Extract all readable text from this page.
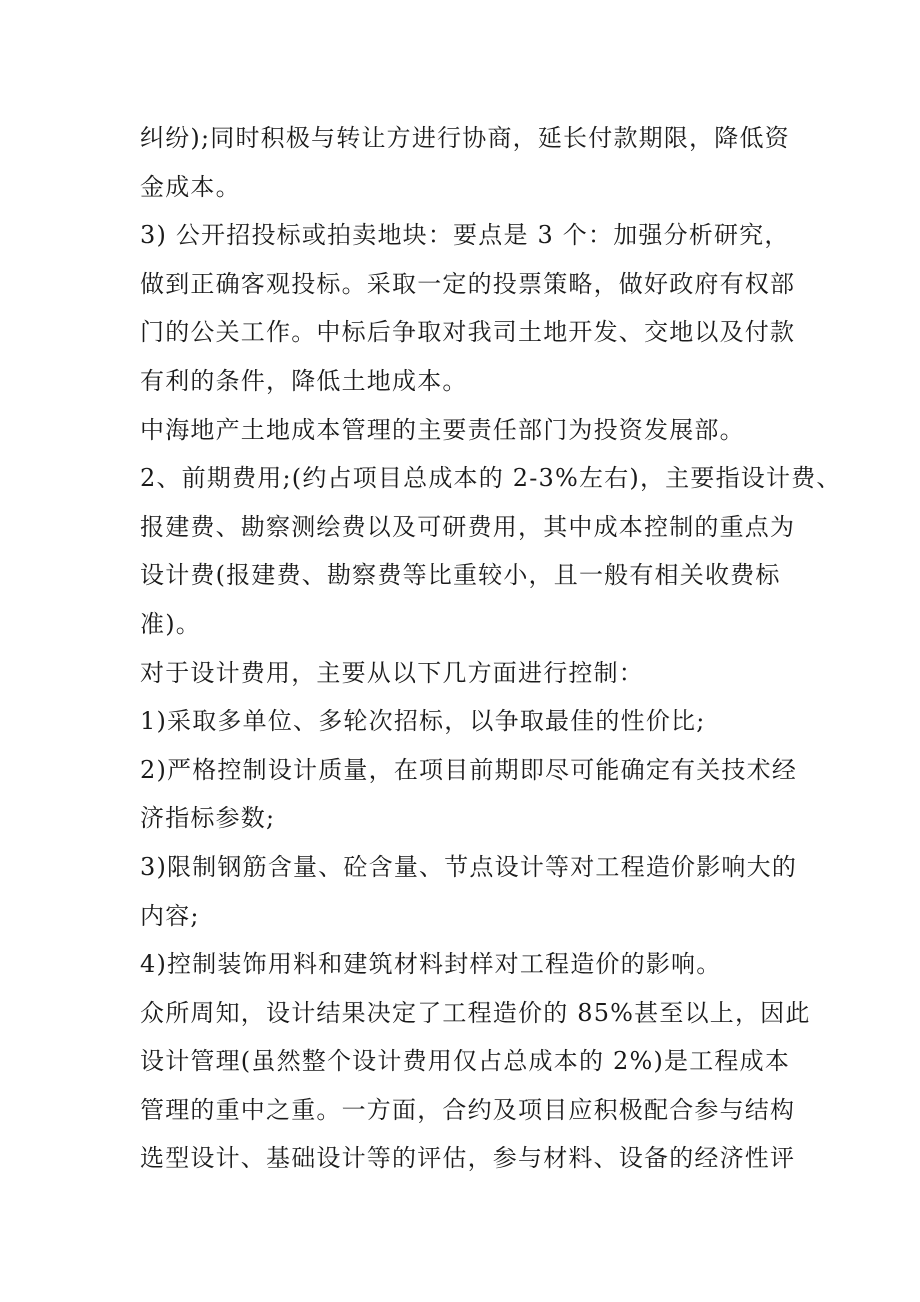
纠纷);同时积极与转让方进行协商，延长付款期限，降低资
金成本。
3) 公开招投标或拍卖地块：要点是 3 个：加强分析研究，
做到正确客观投标。采取一定的投票策略，做好政府有权部
门的公关工作。中标后争取对我司土地开发、交地以及付款
有利的条件，降低土地成本。
中海地产土地成本管理的主要责任部门为投资发展部。
2、前期费用;(约占项目总成本的 2-3%左右)，主要指设计费、
报建费、勘察测绘费以及可研费用，其中成本控制的重点为
设计费(报建费、勘察费等比重较小，且一般有相关收费标
准)。
对于设计费用，主要从以下几方面进行控制：
1)采取多单位、多轮次招标，以争取最佳的性价比;
2)严格控制设计质量，在项目前期即尽可能确定有关技术经
济指标参数;
3)限制钢筋含量、砼含量、节点设计等对工程造价影响大的
内容;
4)控制装饰用料和建筑材料封样对工程造价的影响。
众所周知，设计结果决定了工程造价的 85%甚至以上，因此
设计管理(虽然整个设计费用仅占总成本的 2%)是工程成本
管理的重中之重。一方面，合约及项目应积极配合参与结构
选型设计、基础设计等的评估，参与材料、设备的经济性评
